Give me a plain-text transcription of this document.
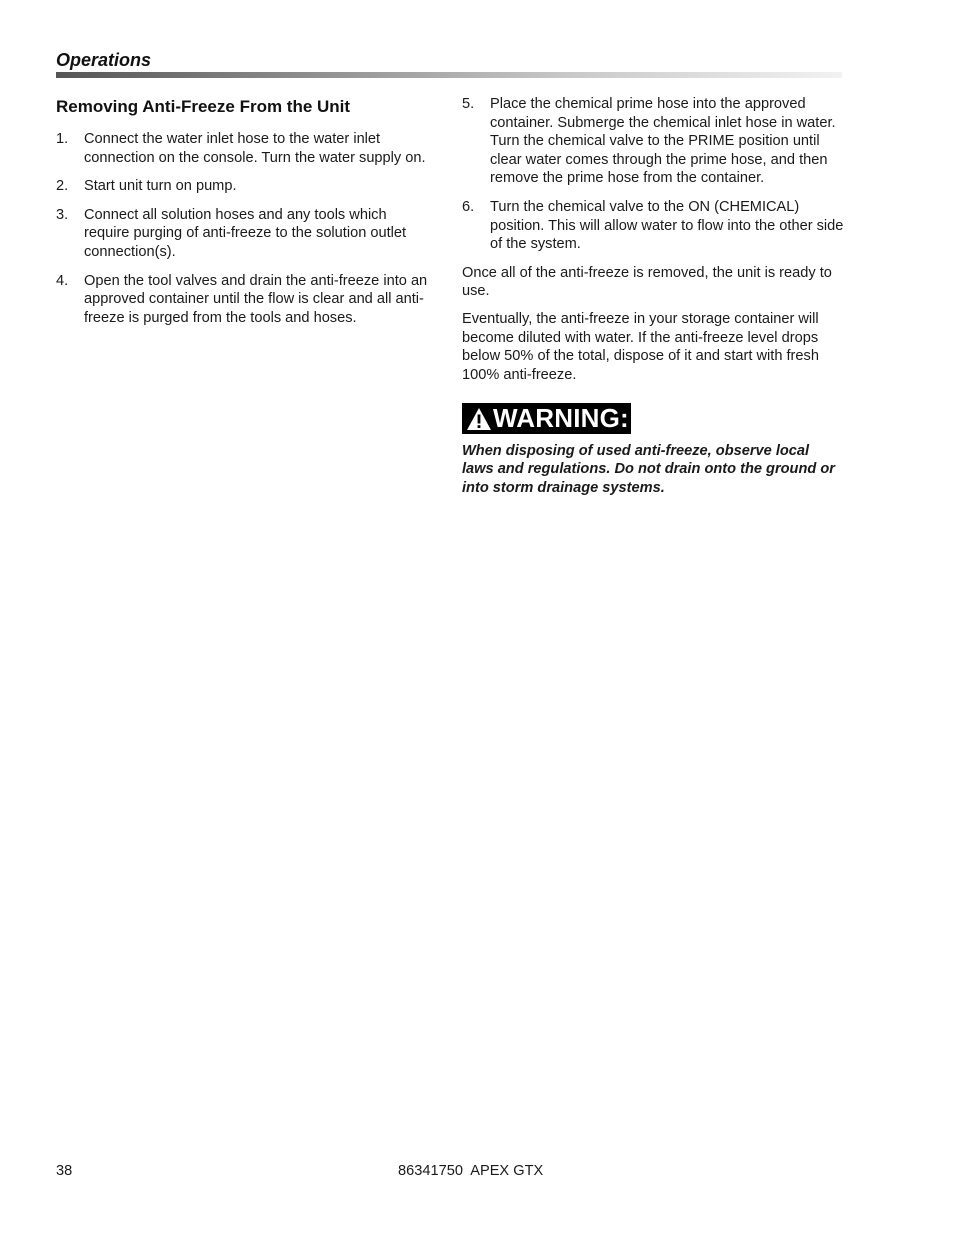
Operations
Removing Anti-Freeze From the Unit
1.	Connect the water inlet hose to the water inlet connection on the console. Turn the water supply on.
2.	Start unit turn on pump.
3.	Connect all solution hoses and any tools which require purging of anti-freeze to the solution outlet connection(s).
4.	Open the tool valves and drain the anti-freeze into an approved container until the flow is clear and all anti-freeze is purged from the tools and hoses.
5.	Place the chemical prime hose into the approved container. Submerge the chemical inlet hose in water. Turn the chemical valve to the PRIME position until clear water comes through the prime hose, and then remove the prime hose from the container.
6.	Turn the chemical valve to the ON (CHEMICAL) position. This will allow water to flow into the other side of the system.

Once all of the anti-freeze is removed, the unit is ready to use.

Eventually, the anti-freeze in your storage container will become diluted with water. If the anti-freeze level drops below 50% of the total, dispose of it and start with fresh 100% anti-freeze.

WARNING:

When disposing of used anti-freeze, observe local laws and regulations. Do not drain onto the ground or into storm drainage systems.

38	86341750  APEX GTX
